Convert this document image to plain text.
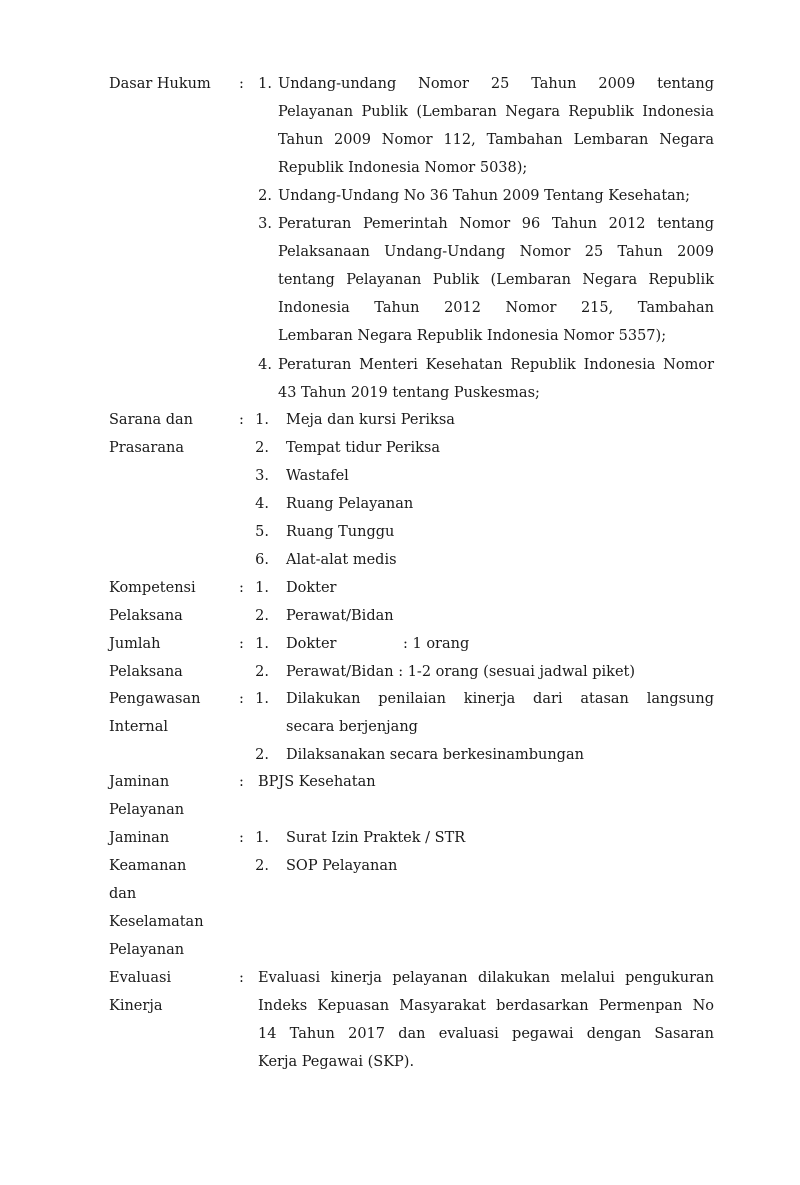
Dasar Hukum : 1. Undang-undang Nomor 25 Tahun 2009 tentang
Pelayanan Publik (Lembaran Negara Republik Indonesia
Tahun 2009 Nomor 112, Tambahan Lembaran Negara
Republik Indonesia Nomor 5038);
2. Undang-Undang No 36 Tahun 2009 Tentang Kesehatan;
3. Peraturan Pemerintah Nomor 96 Tahun 2012 tentang
Pelaksanaan Undang-Undang Nomor 25 Tahun 2009
tentang Pelayanan Publik (Lembaran Negara Republik
Indonesia Tahun 2012 Nomor 215, Tambahan
Lembaran Negara Republik Indonesia Nomor 5357);
4. Peraturan Menteri Kesehatan Republik Indonesia Nomor
43 Tahun 2019 tentang Puskesmas;
Sarana dan
Prasarana
: 1. Meja dan kursi Periksa
2. Tempat tidur Periksa
3. Wastafel
4. Ruang Pelayanan
5. Ruang Tunggu
6. Alat-alat medis
Kompetensi
Pelaksana
: 1. Dokter
2. Perawat/Bidan
Jumlah
Pelaksana
: 1. Dokter	: 1 orang
2. Perawat/Bidan : 1-2 orang (sesuai jadwal piket)
Pengawasan
Internal
: 1. Dilakukan penilaian kinerja dari atasan langsung
secara berjenjang
2. Dilaksanakan secara berkesinambungan
Jaminan
Pelayanan
: BPJS Kesehatan
Jaminan
Keamanan
dan
Keselamatan
Pelayanan
: 1. Surat Izin Praktek / STR
2. SOP Pelayanan
Evaluasi
Kinerja
: Evaluasi kinerja pelayanan dilakukan melalui pengukuran
Indeks Kepuasan Masyarakat berdasarkan Permenpan No
14 Tahun 2017 dan evaluasi pegawai dengan Sasaran
Kerja Pegawai (SKP).
